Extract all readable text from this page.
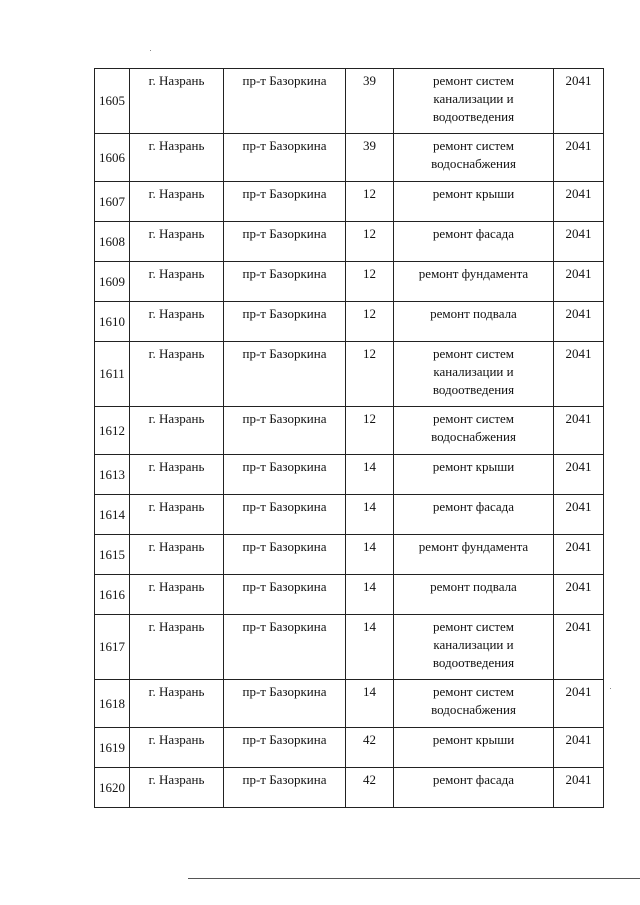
1605	г. Назрань	пр-т Базоркина	39	ремонт систем канализации и водоотведения	2041
1606	г. Назрань	пр-т Базоркина	39	ремонт систем водоснабжения	2041
1607	г. Назрань	пр-т Базоркина	12	ремонт крыши	2041
1608	г. Назрань	пр-т Базоркина	12	ремонт фасада	2041
1609	г. Назрань	пр-т Базоркина	12	ремонт фундамента	2041
1610	г. Назрань	пр-т Базоркина	12	ремонт подвала	2041
1611	г. Назрань	пр-т Базоркина	12	ремонт систем канализации и водоотведения	2041
1612	г. Назрань	пр-т Базоркина	12	ремонт систем водоснабжения	2041
1613	г. Назрань	пр-т Базоркина	14	ремонт крыши	2041
1614	г. Назрань	пр-т Базоркина	14	ремонт фасада	2041
1615	г. Назрань	пр-т Базоркина	14	ремонт фундамента	2041
1616	г. Назрань	пр-т Базоркина	14	ремонт подвала	2041
1617	г. Назрань	пр-т Базоркина	14	ремонт систем канализации и водоотведения	2041
1618	г. Назрань	пр-т Базоркина	14	ремонт систем водоснабжения	2041
1619	г. Назрань	пр-т Базоркина	42	ремонт крыши	2041
1620	г. Назрань	пр-т Базоркина	42	ремонт фасада	2041
